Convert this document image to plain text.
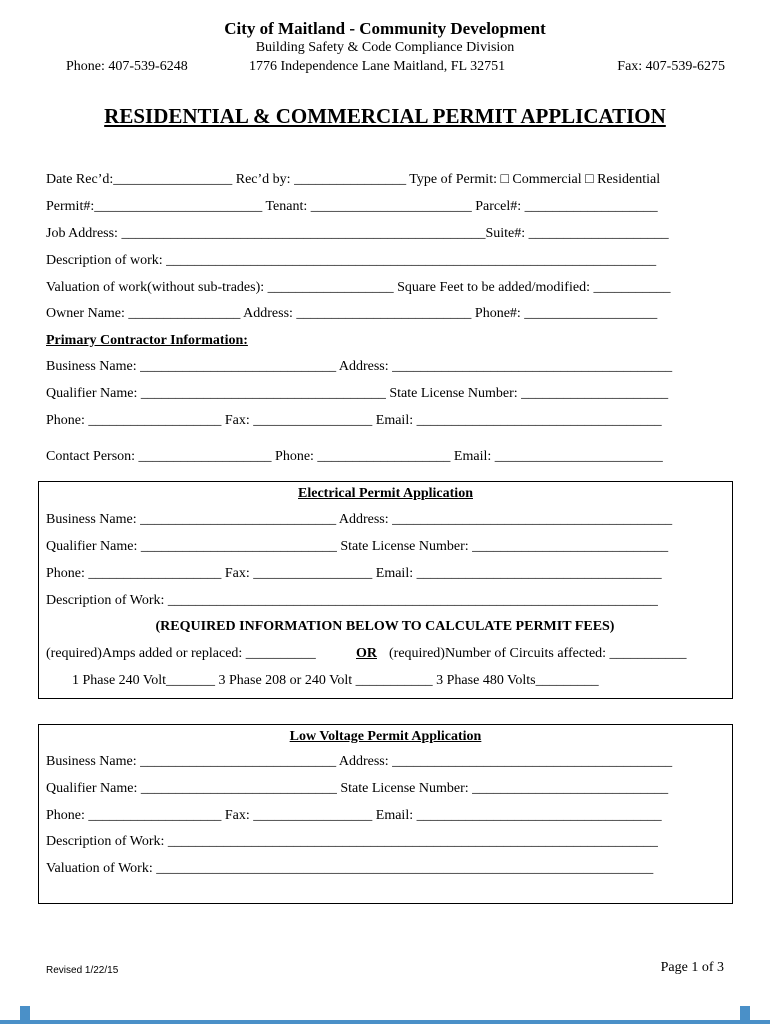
City of Maitland - Community Development
Building Safety & Code Compliance Division
Phone: 407-539-6248	1776 Independence Lane Maitland, FL 32751	Fax: 407-539-6275
RESIDENTIAL & COMMERCIAL PERMIT APPLICATION
Date Rec’d:_________________ Rec’d by: ________________ Type of Permit: □ Commercial □ Residential
Permit#:________________________ Tenant: _______________________ Parcel#: ___________________
Job Address: ____________________________________________________Suite#: ____________________
Description of work: ______________________________________________________________________
Valuation of work(without sub-trades): __________________ Square Feet to be added/modified: ___________
Owner Name: ________________ Address: _________________________ Phone#: ___________________
Primary Contractor Information:
Business Name: ____________________________ Address: ________________________________________
Qualifier Name: ___________________________________ State License Number: _____________________
Phone: ___________________ Fax: _________________ Email: ___________________________________
Contact Person: ___________________ Phone: ___________________ Email: ________________________
Electrical Permit Application
Business Name: ____________________________ Address: ________________________________________
Qualifier Name: ____________________________ State License Number: ____________________________
Phone: ___________________ Fax: _________________ Email: ___________________________________
Description of Work: ______________________________________________________________________
(REQUIRED INFORMATION BELOW TO CALCULATE PERMIT FEES)
(required)Amps added or replaced: __________	OR (required)Number of Circuits affected: ___________
1 Phase 240 Volt_______ 3 Phase 208 or 240 Volt ___________ 3 Phase 480 Volts_________
Low Voltage Permit Application
Business Name: ____________________________ Address: ________________________________________
Qualifier Name: ____________________________ State License Number: ____________________________
Phone: ___________________ Fax: _________________ Email: ___________________________________
Description of Work: ______________________________________________________________________
Valuation of Work: _______________________________________________________________________
Revised 1/22/15	Page 1 of 3
